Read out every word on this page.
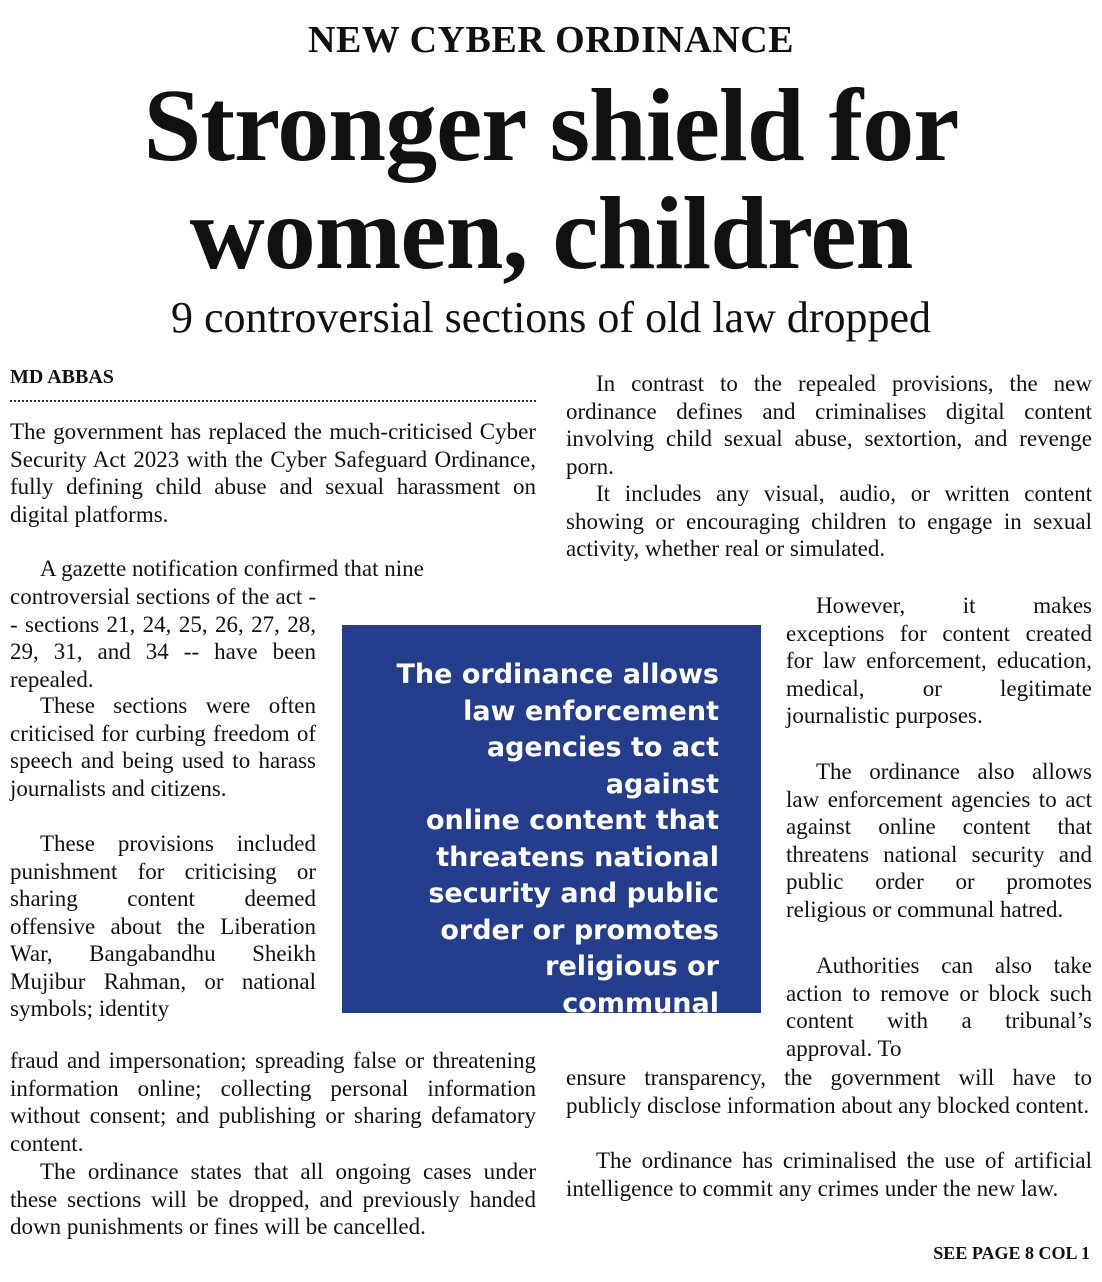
NEW CYBER ORDINANCE
Stronger shield for
women, children
9 controversial sections of old law dropped
MD ABBAS

The government has replaced the much-criticised Cyber Security Act 2023 with the Cyber Safeguard Ordinance, fully defining child abuse and sexual harassment on digital platforms.

A gazette notification confirmed that nine

controversial sections of the act -- sections 21, 24, 25, 26, 27, 28, 29, 31, and 34 -- have been repealed.

These sections were often criticised for curbing freedom of speech and being used to harass journalists and citizens.

These provisions included punishment for criticising or sharing content deemed offensive about the Liberation War, Bangabandhu Sheikh Mujibur Rahman, or national symbols; identity

fraud and impersonation; spreading false or threatening information online; collecting personal information without consent; and publishing or sharing defamatory content.

The ordinance states that all ongoing cases under these sections will be dropped, and previously handed down punishments or fines will be cancelled.

In contrast to the repealed provisions, the new ordinance defines and criminalises digital content involving child sexual abuse, sextortion, and revenge porn.

It includes any visual, audio, or written content showing or encouraging children to engage in sexual activity, whether real or simulated.

However, it makes exceptions for content created for law enforcement, education, medical, or legitimate journalistic purposes.

The ordinance also allows law enforcement agencies to act against online content that threatens national security and public order or promotes religious or communal hatred.

Authorities can also take action to remove or block such content with a tribunal’s approval. To

ensure transparency, the government will have to publicly disclose information about any blocked content.

The ordinance has criminalised the use of artificial intelligence to commit any crimes under the new law.

The ordinance allows
law enforcement
agencies to act against
online content that
threatens national
security and public
order or promotes
religious or communal
hatred.
SEE PAGE 8 COL 1
